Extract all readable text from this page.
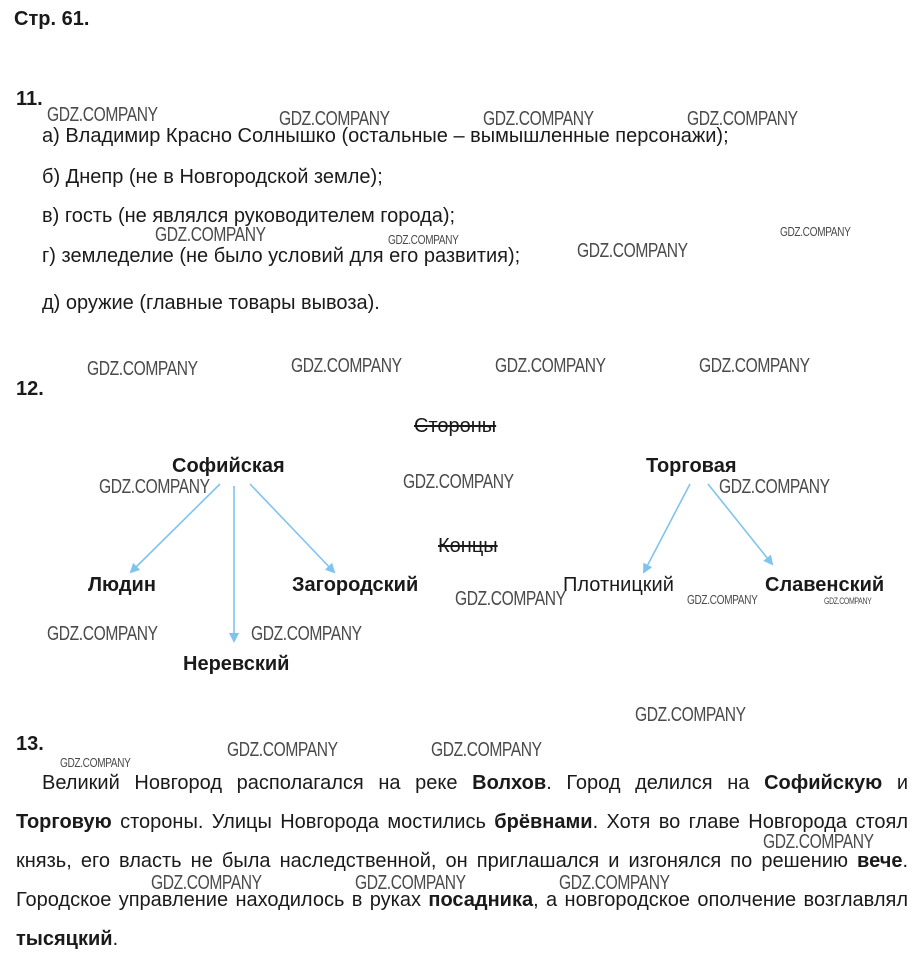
Стр. 61.
11.
а) Владимир Красно Солнышко (остальные – вымышленные персонажи);
б) Днепр (не в Новгородской земле);
в) гость (не являлся руководителем города);
г) земледелие (не было условий для его развития);
д) оружие (главные товары вывоза).
12.
Стороны
Софийская	Торговая
Концы
Людин	Загородский	Плотницкий	Славенский
Неревский
13.
Великий Новгород располагался на реке Волхов. Город делился на Софийскую и Торговую стороны. Улицы Новгорода мостились брёвнами. Хотя во главе Новгорода стоял князь, его власть не была наследственной, он приглашался и изгонялся по решению вече. Городское управление находилось в руках посадника, а новгородское ополчение возглавлял тысяцкий.
GDZ.COMPANY	GDZ.COMPANY	GDZ.COMPANY	GDZ.COMPANY
GDZ.COMPANY	GDZ.COMPANY
GDZ.COMPANY
GDZ.COMPANY
GDZ.COMPANY	GDZ.COMPANY	GDZ.COMPANY	GDZ.COMPANY
GDZ.COMPANY	GDZ.COMPANY	GDZ.COMPANY
GDZ.COMPANY	GDZ.COMPANY	GDZ.COMPANY
GDZ.COMPANY	GDZ.COMPANY
GDZ.COMPANY
GDZ.COMPANY
GDZ.COMPANY	GDZ.COMPANY
GDZ.COMPANY
GDZ.COMPANY	GDZ.COMPANY	GDZ.COMPANY
